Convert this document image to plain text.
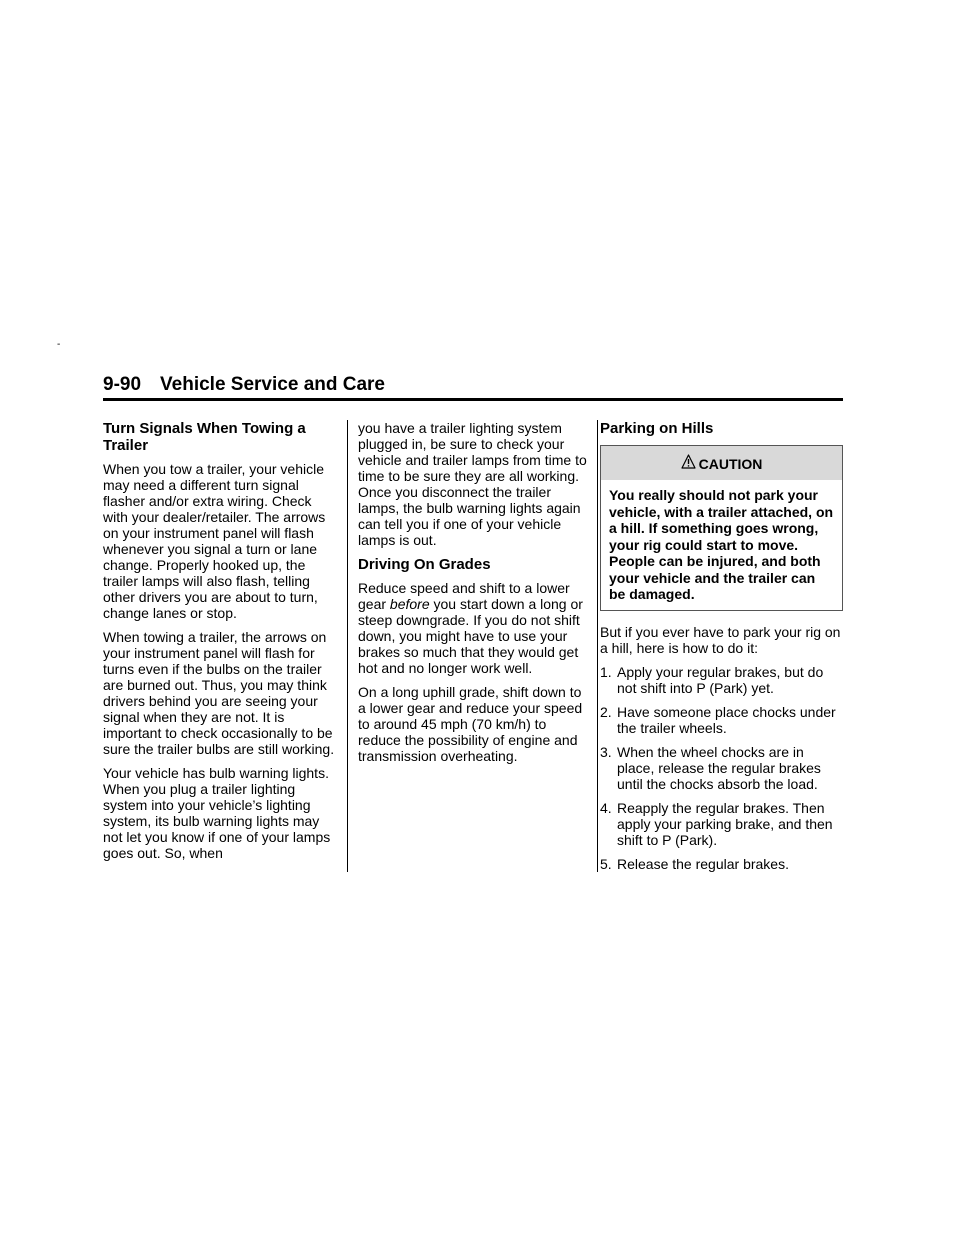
-
9-90 Vehicle Service and Care
Turn Signals When Towing a Trailer

When you tow a trailer, your vehicle may need a different turn signal flasher and/or extra wiring. Check with your dealer/retailer. The arrows on your instrument panel will flash whenever you signal a turn or lane change. Properly hooked up, the trailer lamps will also flash, telling other drivers you are about to turn, change lanes or stop.

When towing a trailer, the arrows on your instrument panel will flash for turns even if the bulbs on the trailer are burned out. Thus, you may think drivers behind you are seeing your signal when they are not. It is important to check occasionally to be sure the trailer bulbs are still working.

Your vehicle has bulb warning lights. When you plug a trailer lighting system into your vehicle’s lighting system, its bulb warning lights may not let you know if one of your lamps goes out. So, when

you have a trailer lighting system plugged in, be sure to check your vehicle and trailer lamps from time to time to be sure they are all working. Once you disconnect the trailer lamps, the bulb warning lights again can tell you if one of your vehicle lamps is out.

Driving On Grades

Reduce speed and shift to a lower gear before you start down a long or steep downgrade. If you do not shift down, you might have to use your brakes so much that they would get hot and no longer work well.

On a long uphill grade, shift down to a lower gear and reduce your speed to around 45 mph (70 km/h) to reduce the possibility of engine and transmission overheating.

Parking on Hills
CAUTION
You really should not park your vehicle, with a trailer attached, on a hill. If something goes wrong, your rig could start to move. People can be injured, and both your vehicle and the trailer can be damaged.

But if you ever have to park your rig on a hill, here is how to do it:

1. Apply your regular brakes, but do not shift into P (Park) yet.
2. Have someone place chocks under the trailer wheels.
3. When the wheel chocks are in place, release the regular brakes until the chocks absorb the load.
4. Reapply the regular brakes. Then apply your parking brake, and then shift to P (Park).
5. Release the regular brakes.
